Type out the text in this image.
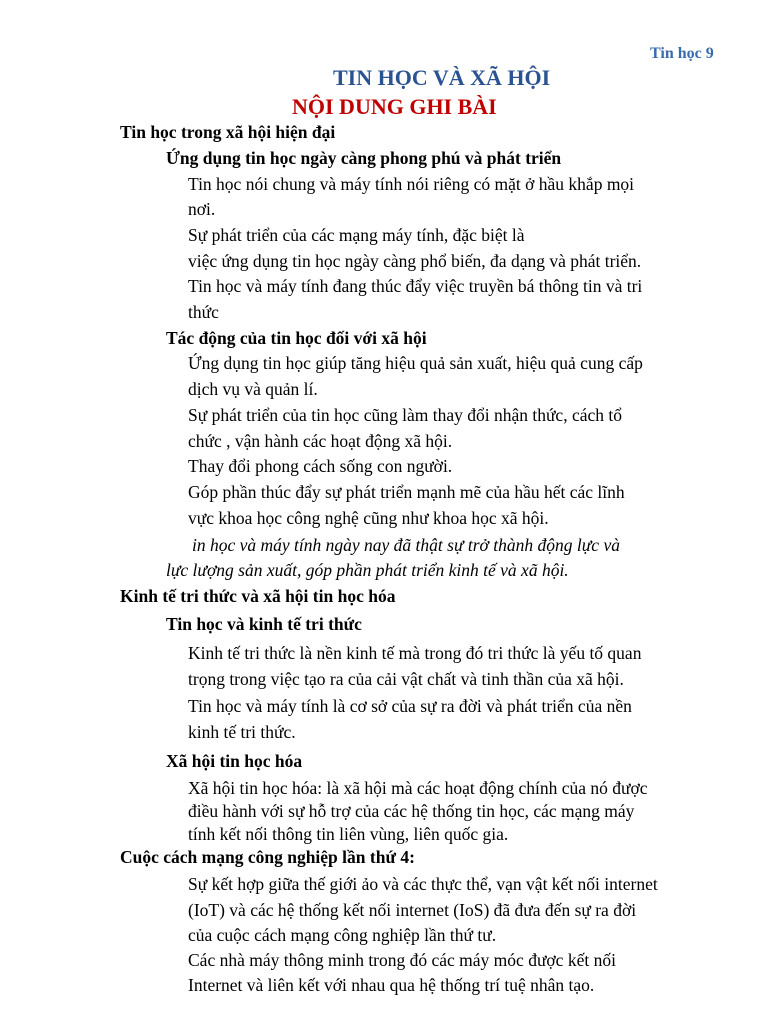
Tin học 9
TIN HỌC VÀ XÃ HỘI
NỘI DUNG GHI BÀI
Tin học trong xã hội hiện đại
Ứng dụng tin học ngày càng phong phú và phát triển
Tin học nói chung và máy tính nói riêng có mặt ở hầu khắp mọi
nơi.
Sự phát triển của các mạng máy tính, đặc biệt là
việc ứng dụng tin học ngày càng phổ biến, đa dạng và phát triển.
Tin học và máy tính đang thúc đẩy việc truyền bá thông tin và tri
thức
Tác động của tin học đối với xã hội
Ứng dụng tin học giúp tăng hiệu quả sản xuất, hiệu quả cung cấp
dịch vụ và quản lí.
Sự phát triển của tin học cũng làm thay đổi nhận thức, cách tổ
chức , vận hành các hoạt động xã hội.
Thay đổi phong cách sống con người.
Góp phần thúc đẩy sự phát triển mạnh mẽ của hầu hết các lĩnh
vực khoa học công nghệ cũng như khoa học xã hội.
in học và máy tính ngày nay đã thật sự trở thành động lực và
lực lượng sản xuất, góp phần phát triển kinh tế và xã hội.
Kinh tế tri thức và xã hội tin học hóa
Tin học và kinh tế tri thức
Kinh tế tri thức là nền kinh tế mà trong đó tri thức là yếu tố quan
trọng trong việc tạo ra của cải vật chất và tinh thần của xã hội.
Tin học và máy tính là cơ sở của sự ra đời và phát triển của nền
kinh tế tri thức.
Xã hội tin học hóa
Xã hội tin học hóa: là xã hội mà các hoạt động chính của nó được
điều hành với sự hỗ trợ của các hệ thống tin học, các mạng máy
tính kết nối thông tin liên vùng, liên quốc gia.
Cuộc cách mạng công nghiệp lần thứ 4:
Sự kết hợp giữa thế giới ảo và các thực thể, vạn vật kết nối internet
(IoT) và các hệ thống kết nối internet (IoS) đã đưa đến sự ra đời
của cuộc cách mạng công nghiệp lần thứ tư.
Các nhà máy thông minh trong đó các máy móc được kết nối
Internet và liên kết với nhau qua hệ thống trí tuệ nhân tạo.
